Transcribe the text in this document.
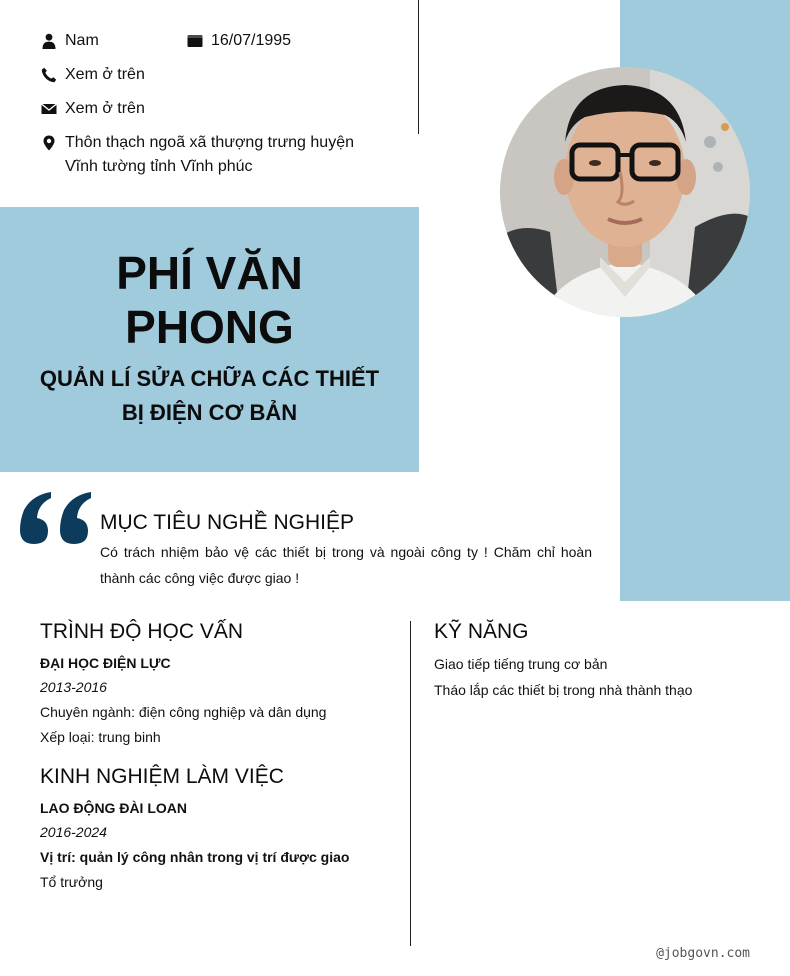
Nam	16/07/1995
Xem ở trên
Xem ở trên
Thôn thạch ngoã xã thượng trưng huyện
Vĩnh tường tỉnh Vĩnh phúc
PHÍ VĂN
PHONG
QUẢN LÍ SỬA CHỮA CÁC THIẾT
BỊ ĐIỆN CƠ BẢN
MỤC TIÊU NGHỀ NGHIỆP
Có trách nhiệm bảo vệ các thiết bị trong và ngoài công ty ! Chăm chỉ hoàn thành các công việc được giao !
TRÌNH ĐỘ HỌC VẤN
ĐẠI HỌC ĐIỆN LỰC
2013-2016
Chuyên ngành: điện công nghiệp và dân dụng
Xếp loại: trung binh
KINH NGHIỆM LÀM VIỆC
LAO ĐỘNG ĐÀI LOAN
2016-2024
Vị trí: quản lý công nhân trong vị trí được giao
Tổ trưởng
KỸ NĂNG
Giao tiếp tiếng trung cơ bản
Tháo lắp các thiết bị trong nhà thành thạo
@jobgovn.com
